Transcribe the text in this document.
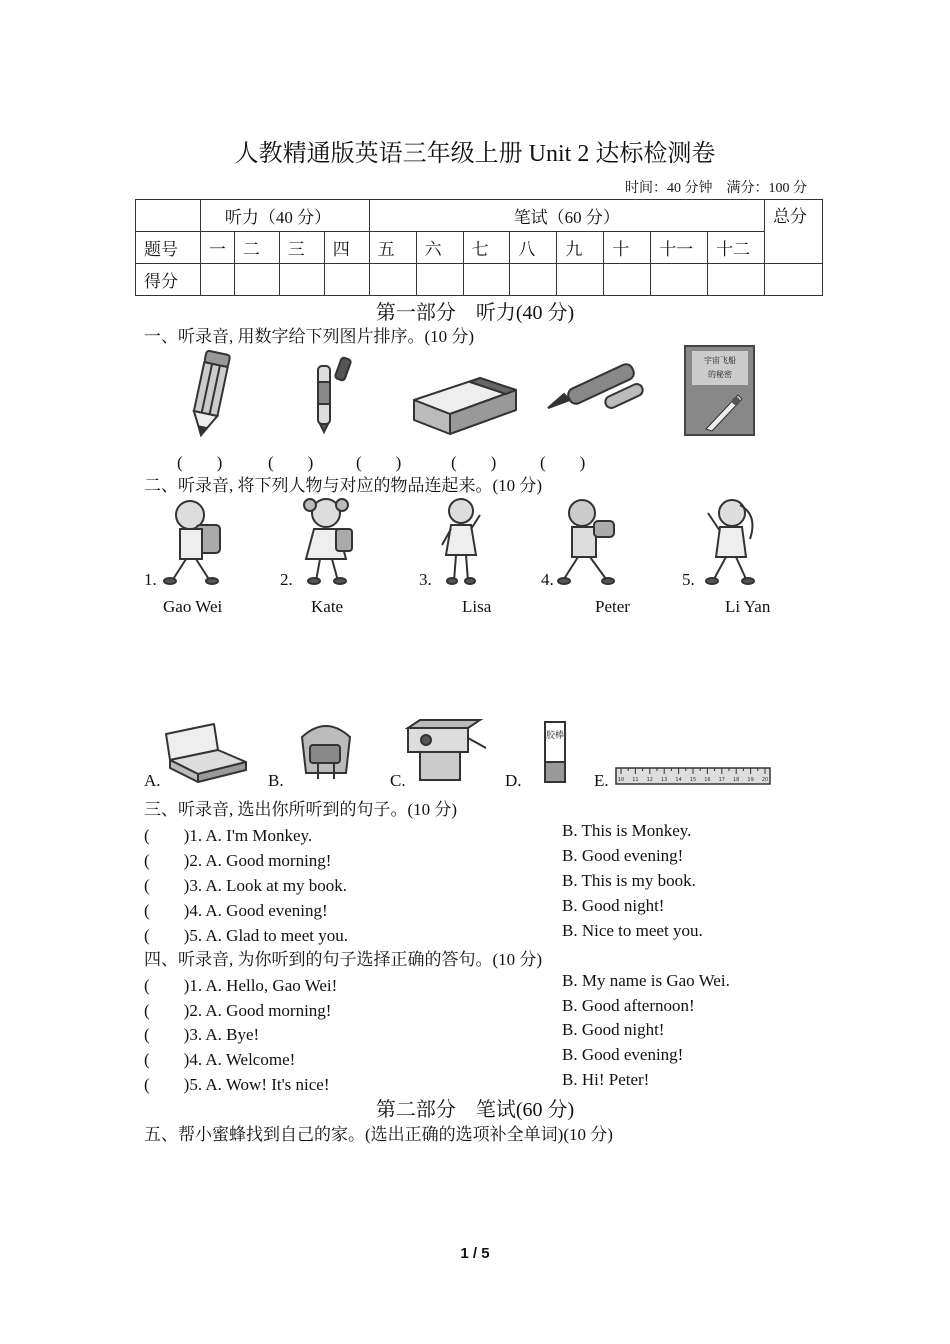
人教精通版英语三年级上册 Unit 2 达标检测卷
时间：40 分钟　满分：100 分
	听力（40 分）				笔试（60 分）								总分
题号	一	二	三	四	五	六	七	八	九	十	十一	十二	
得分													
第一部分　听力(40 分)
一、听录音, 用数字给下列图片排序。(10 分)
宇宙飞船
的秘密
(　　)	(　　)	(　　)	(　　)	(　　)
二、听录音, 将下列人物与对应的物品连起来。(10 分)
1.	2.	3.	4.	5.
Gao Wei	Kate	Lisa	Peter	Li Yan
胶棒
10 11 12 13 14 15 16 17 18 19 20
A.	B.	C.	D.	E.
三、听录音, 选出你所听到的句子。(10 分)
(　　)1. A. I'm Monkey.	B. This is Monkey.
(　　)2. A. Good morning!	B. Good evening!
(　　)3. A. Look at my book.	B. This is my book.
(　　)4. A. Good evening!	B. Good night!
(　　)5. A. Glad to meet you.	B. Nice to meet you.
四、听录音, 为你听到的句子选择正确的答句。(10 分)
(　　)1. A. Hello, Gao Wei!	B. My name is Gao Wei.
(　　)2. A. Good morning!	B. Good afternoon!
(　　)3. A. Bye!	B. Good night!
(　　)4. A. Welcome!	B. Good evening!
(　　)5. A. Wow! It's nice!	B. Hi! Peter!
第二部分　笔试(60 分)
五、帮小蜜蜂找到自己的家。(选出正确的选项补全单词)(10 分)
1 / 5
